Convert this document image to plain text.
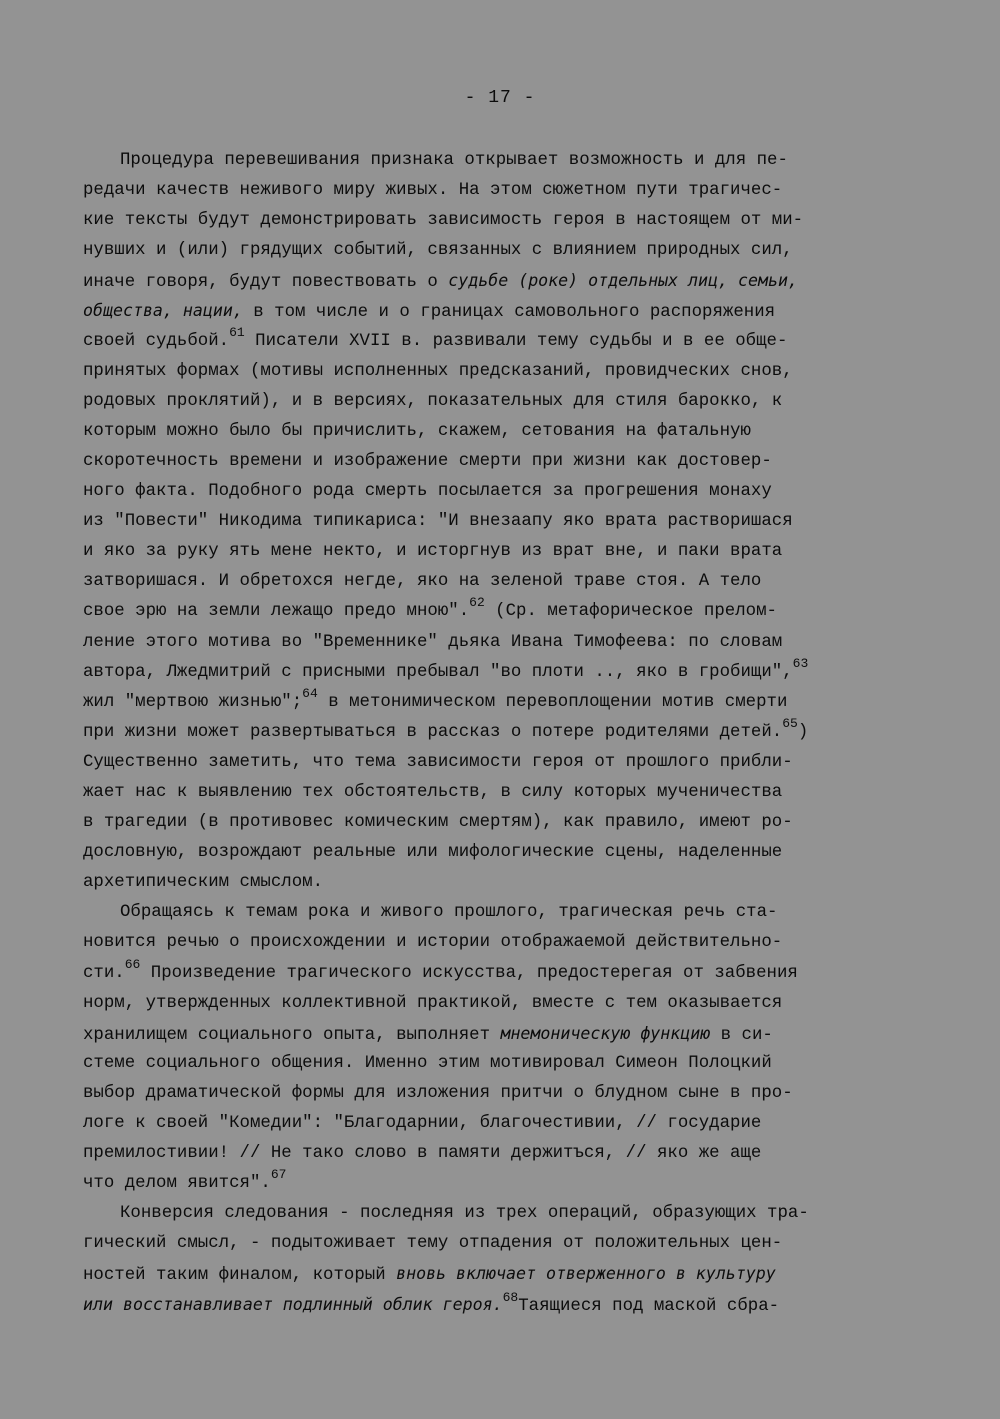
- 17 -
Процедура перевешивания признака открывает возможность и для пе-
редачи качеств неживого миру живых. На этом сюжетном пути трагичес-
кие тексты будут демонстрировать зависимость героя в настоящем от ми-
нувших и (или) грядущих событий, связанных с влиянием природных сил,
иначе говоря, будут повествовать о судьбе (роке) отдельных лиц, семьи,
общества, нации, в том числе и о границах самовольного распоряжения
своей судьбой.$^{61}$ Писатели XVII в. развивали тему судьбы и в ее обще-
принятых формах (мотивы исполненных предсказаний, провидческих снов,
родовых проклятий), и в версиях, показательных для стиля барокко, к
которым можно было бы причислить, скажем, сетования на фатальную
скоротечность времени и изображение смерти при жизни как достовер-
ного факта. Подобного рода смерть посылается за прогрешения монаху
из "Повести" Никодима типикариса: "И внезаапу яко врата растворишася
и яко за руку ять мене некто, и исторгнув из врат вне, и паки врата
затворишася. И обретохся негде, яко на зеленой траве стоя. А тело
свое эрю на земли лежащо предо мною".$^{62}$ (Ср. метафорическое прелом-
ление этого мотива во "Временнике" дьяка Ивана Тимофеева: по словам
автора, Лжедмитрий с присными пребывал "во плоти .., яко в гробищи",$^{63}$
жил "мертвою жизнью";$^{64}$ в метонимическом перевоплощении мотив смерти
при жизни может развертываться в рассказ о потере родителями детей.$^{65}$)
Существенно заметить, что тема зависимости героя от прошлого прибли-
жает нас к выявлению тех обстоятельств, в силу которых мученичества
в трагедии (в противовес комическим смертям), как правило, имеют ро-
дословную, возрождают реальные или мифологические сцены, наделенные
архетипическим смыслом.
Обращаясь к темам рока и живого прошлого, трагическая речь ста-
новится речью о происхождении и истории отображаемой действительно-
сти.$^{66}$ Произведение трагического искусства, предостерегая от забвения
норм, утвержденных коллективной практикой, вместе с тем оказывается
хранилищем социального опыта, выполняет мнемоническую функцию в си-
стеме социального общения. Именно этим мотивировал Симеон Полоцкий
выбор драматической формы для изложения притчи о блудном сыне в про-
логе к своей "Комедии": "Благодарнии, благочестивии, // государие
премилостивии! // Не тако слово в памяти держитъся, // яко же аще
что делом явится".$^{67}$
Конверсия следования - последняя из трех операций, образующих тра-
гический смысл, - подытоживает тему отпадения от положительных цен-
ностей таким финалом, который вновь включает отверженного в культуру
или восстанавливает подлинный облик героя.$^{68}$Таящиеся под маской сбра-
